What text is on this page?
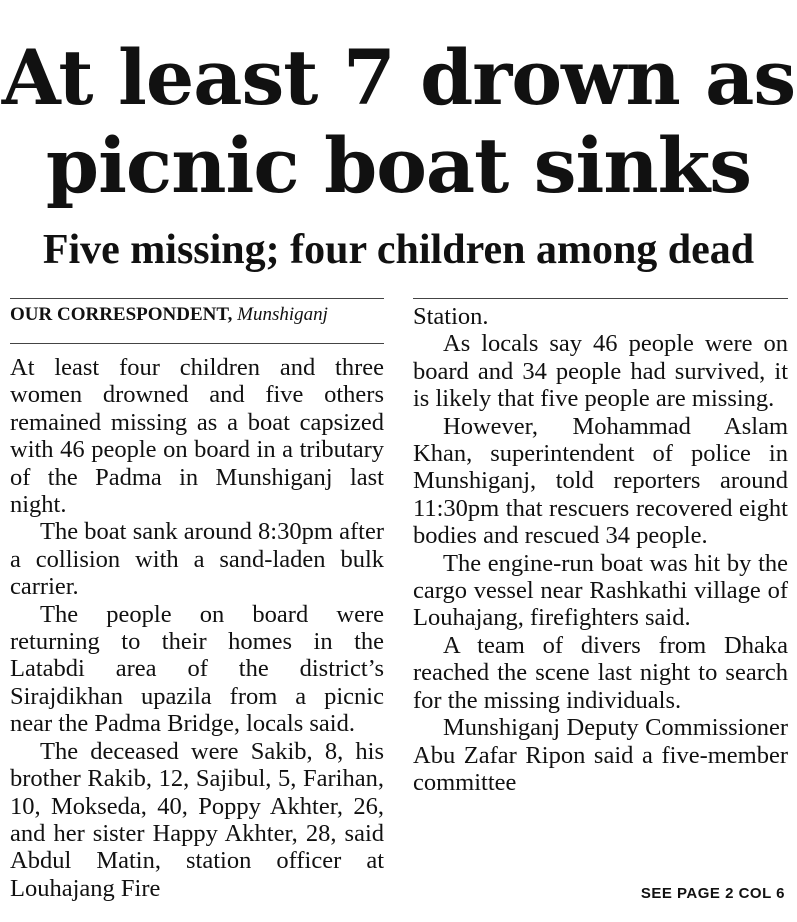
At least 7 drown as picnic boat sinks
Five missing; four children among dead
OUR CORRESPONDENT, Munshiganj

At least four children and three women drowned and five others remained missing as a boat capsized with 46 people on board in a tributary of the Padma in Munshiganj last night.

The boat sank around 8:30pm after a collision with a sand-laden bulk carrier.

The people on board were returning to their homes in the Latabdi area of the district’s Sirajdikhan upazila from a picnic near the Padma Bridge, locals said.

The deceased were Sakib, 8, his brother Rakib, 12, Sajibul, 5, Farihan, 10, Mokseda, 40, Poppy Akhter, 26, and her sister Happy Akhter, 28, said Abdul Matin, station officer at Louhajang Fire

Station.

As locals say 46 people were on board and 34 people had survived, it is likely that five people are missing.

However, Mohammad Aslam Khan, superintendent of police in Munshiganj, told reporters around 11:30pm that rescuers recovered eight bodies and rescued 34 people.

The engine-run boat was hit by the cargo vessel near Rashkathi village of Louhajang, firefighters said.

A team of divers from Dhaka reached the scene last night to search for the missing individuals.

Munshiganj Deputy Commissioner Abu Zafar Ripon said a five-member committee

SEE PAGE 2 COL 6
